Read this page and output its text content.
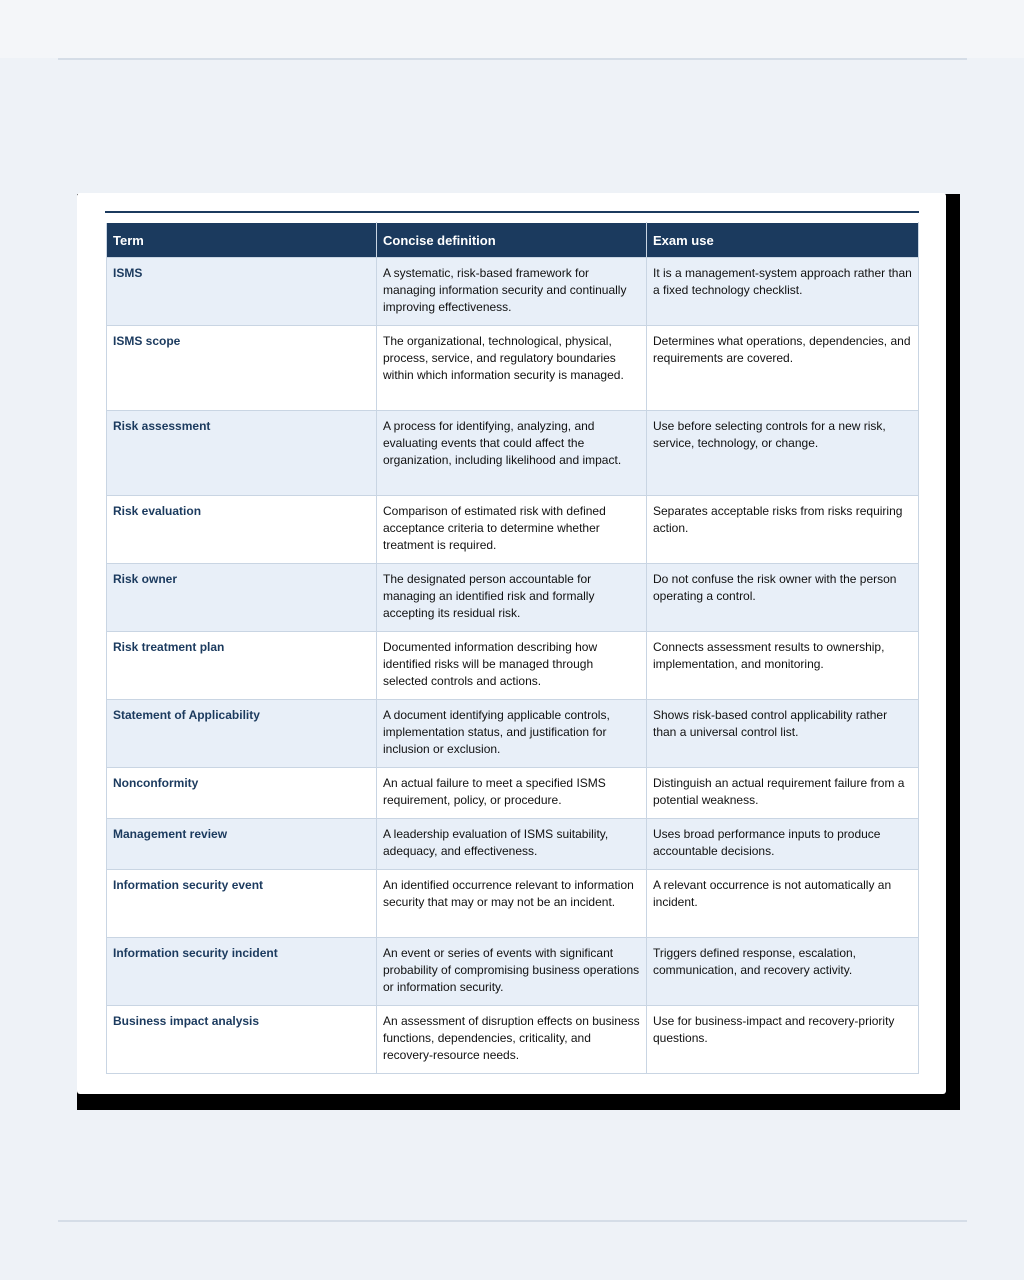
Term	Concise definition	Exam use
ISMS	A systematic, risk-based framework for managing information security and continually improving effectiveness.	It is a management-system approach rather than a fixed technology checklist.
ISMS scope	The organizational, technological, physical, process, service, and regulatory boundaries within which information security is managed.	Determines what operations, dependencies, and requirements are covered.
Risk assessment	A process for identifying, analyzing, and evaluating events that could affect the organization, including likelihood and impact.	Use before selecting controls for a new risk, service, technology, or change.
Risk evaluation	Comparison of estimated risk with defined acceptance criteria to determine whether treatment is required.	Separates acceptable risks from risks requiring action.
Risk owner	The designated person accountable for managing an identified risk and formally accepting its residual risk.	Do not confuse the risk owner with the person operating a control.
Risk treatment plan	Documented information describing how identified risks will be managed through selected controls and actions.	Connects assessment results to ownership, implementation, and monitoring.
Statement of Applicability	A document identifying applicable controls, implementation status, and justification for inclusion or exclusion.	Shows risk-based control applicability rather than a universal control list.
Nonconformity	An actual failure to meet a specified ISMS requirement, policy, or procedure.	Distinguish an actual requirement failure from a potential weakness.
Management review	A leadership evaluation of ISMS suitability, adequacy, and effectiveness.	Uses broad performance inputs to produce accountable decisions.
Information security event	An identified occurrence relevant to information security that may or may not be an incident.	A relevant occurrence is not automatically an incident.
Information security incident	An event or series of events with significant probability of compromising business operations or information security.	Triggers defined response, escalation, communication, and recovery activity.
Business impact analysis	An assessment of disruption effects on business functions, dependencies, criticality, and recovery-resource needs.	Use for business-impact and recovery-priority questions.
